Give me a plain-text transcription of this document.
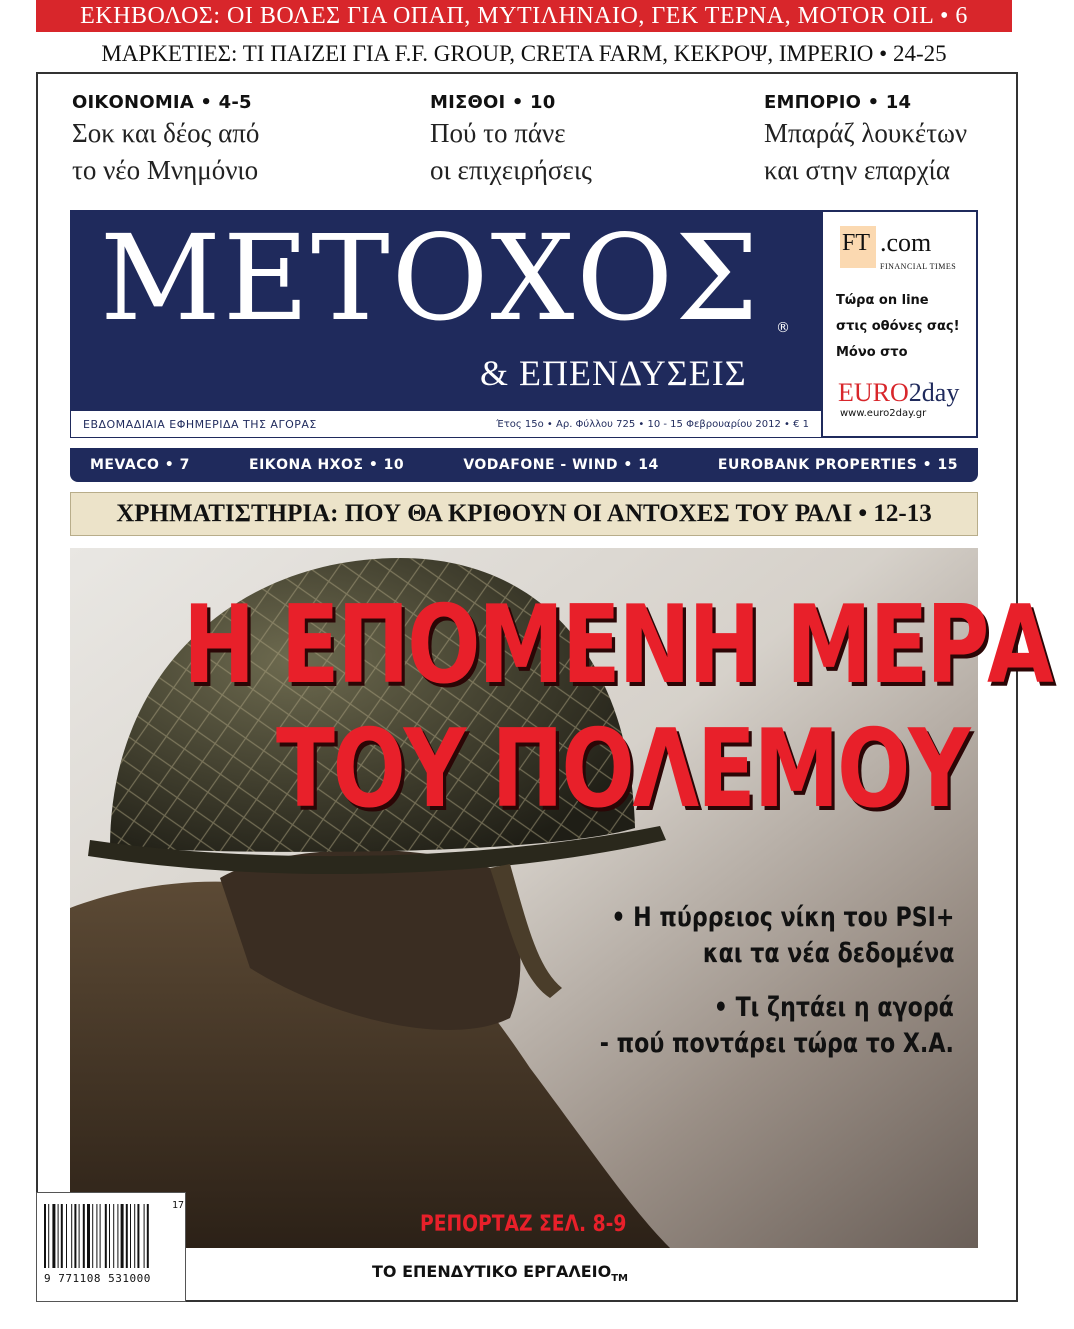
ΕΚΗΒΟΛΟΣ: ΟΙ ΒΟΛΕΣ ΓΙΑ ΟΠΑΠ, ΜΥΤΙΛΗΝΑΙΟ, ΓΕΚ ΤΕΡΝΑ, MOTOR OIL • 6
ΜΑΡΚΕΤΙΕΣ: ΤΙ ΠΑΙΖΕΙ ΓΙΑ F.F. GROUP, CRETA FARM, ΚΕΚΡΟΨ, IMPERIO • 24-25
ΟΙΚΟΝΟΜΙΑ • 4-5
Σοκ και δέος από
το νέο Μνημόνιο
ΜΙΣΘΟΙ • 10
Πού το πάνε
οι επιχειρήσεις
ΕΜΠΟΡΙΟ • 14
Μπαράζ λουκέτων
και στην επαρχία
ΜΕΤΟΧΟΣ	®
& ΕΠΕΝΔΥΣΕΙΣ
ΕΒΔΟΜΑΔΙΑΙΑ ΕΦΗΜΕΡΙΔΑ ΤΗΣ ΑΓΟΡΑΣ	Έτος 15ο • Αρ. Φύλλου 725 • 10 - 15 Φεβρουαρίου 2012 • € 1
FT .com
FINANCIAL TIMES
Τώρα on line
στις οθόνες σας!
Μόνο στο
EURO2day
www.euro2day.gr
MEVACO • 7	ΕΙΚΟΝΑ ΗΧΟΣ • 10	VODAFONE - WIND • 14	EUROBANK PROPERTIES • 15
ΧΡΗΜΑΤΙΣΤΗΡΙΑ: ΠΟΥ ΘΑ ΚΡΙΘΟΥΝ ΟΙ ΑΝΤΟΧΕΣ ΤΟΥ ΡΑΛΙ • 12-13
Η ΕΠΟΜΕΝΗ ΜΕΡΑ
ΤΟΥ ΠΟΛΕΜΟΥ
• Η πύρρειος νίκη του PSI+
και τα νέα δεδομένα
• Τι ζητάει η αγορά
- πού ποντάρει τώρα το Χ.Α.
ΡΕΠΟΡΤΑΖ ΣΕΛ. 8-9
9 771108 531000
17
ΤΟ ΕΠΕΝΔΥΤΙΚΟ $EP\Gamma A\Lambda EIO_{TM}$
